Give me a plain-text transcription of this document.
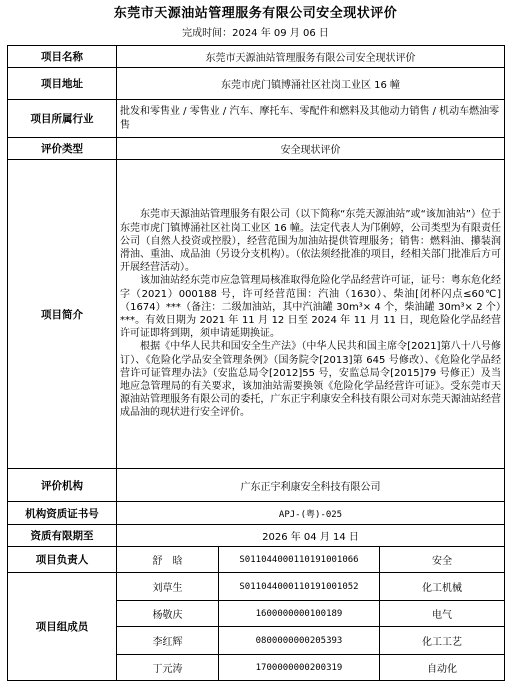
东莞市天源油站管理服务有限公司安全现状评价
完成时间：2024 年 09 月 06 日
项目名称	东莞市天源油站管理服务有限公司安全现状评价		
项目地址	东莞市虎门镇博涌社区社岗工业区 16 幢		
项目所属行业	批发和零售业 / 零售业 / 汽车、摩托车、零配件和燃料及其他动力销售 / 机动车燃油零售		
评价类型	安全现状评价		
项目简介	东莞市天源油站管理服务有限公司（以下简称“东莞天源油站”或“该加油站”）位于东莞市虎门镇博涌社区社岗工业区 16 幢。法定代表人为邝俐婷，公司类型为有限责任公司（自然人投资或控股），经营范围为加油站提供管理服务；销售：燃料油、攥装润滑油、重油、成品油（另设分支机构）。（依法须经批准的项目，经相关部门批准后方可开展经营活动）。

该加油站经东莞市应急管理局核准取得危险化学品经营许可证，证号：粤东危化经字（2021）000188 号，许可经营范围：汽油（1630）、柴油[闭杯闪点≤60℃]（1674）***（备注：二级加油站，其中汽油罐 30m³× 4 个，柴油罐 30m³× 2 个）***。有效日期为 2021 年 11 月 12 日至 2024 年 11 月 11 日，现危险化学品经营许可证即将到期，须申请延期换证。

根据《中华人民共和国安全生产法》（中华人民共和国主席令[2021]第八十八号修订）、《危险化学品安全管理条例》（国务院令[2013]第 645 号修改）、《危险化学品经营许可证管理办法》（安监总局令[2012]55 号，安监总局令[2015]79 号修正）及当地应急管理局的有关要求，该加油站需要换领《危险化学品经营许可证》。受东莞市天源油站管理服务有限公司的委托，广东正宇利康安全科技有限公司对东莞天源油站经营成品油的现状进行安全评价。		

评价机构	广东正宇利康安全科技有限公司		
机构资质证书号	APJ-(粤)-025		
资质有限期至	2026 年 04 月 14 日		
项目负责人	舒　晗	S011044000110191001066	安全
项目组成员	刘草生	S011044000110191001052	化工机械
	杨敬庆	1600000000100189	电气
	李红辉	0800000000205393	化工工艺
	丁元涛	1700000000200319	自动化
